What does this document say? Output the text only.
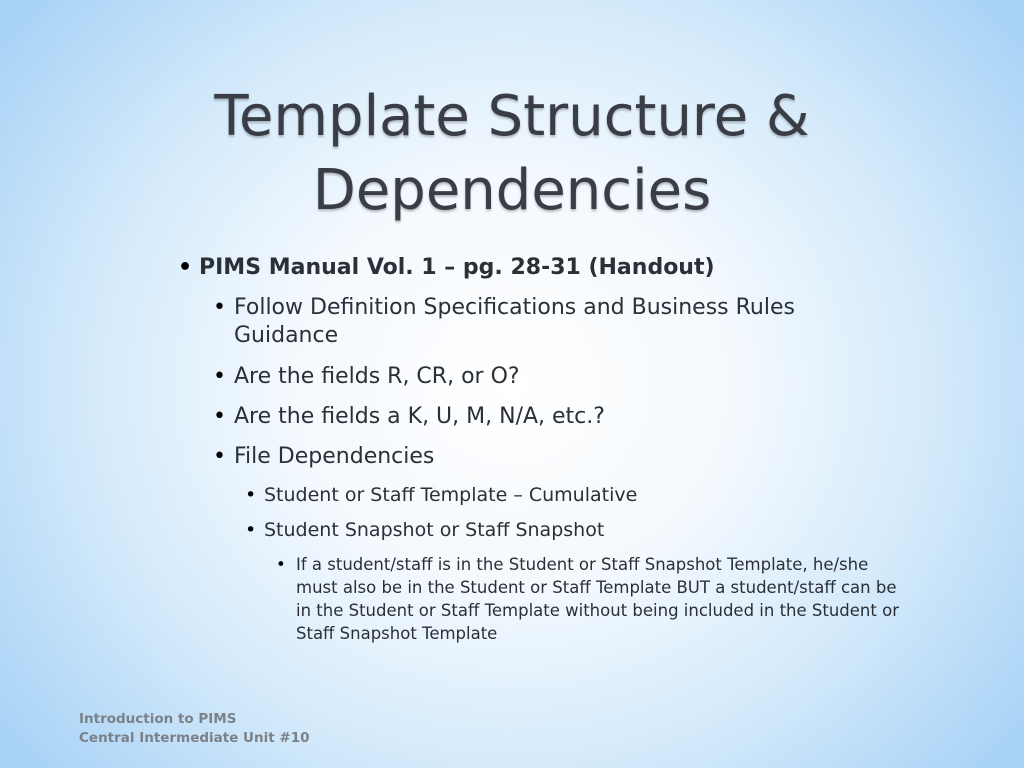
Template Structure &
Dependencies
• PIMS Manual Vol. 1 – pg. 28-31 (Handout)
• Follow Definition Specifications and Business Rules Guidance
• Are the fields R, CR, or O?
• Are the fields a K, U, M, N/A, etc.?
• File Dependencies
• Student or Staff Template – Cumulative
• Student Snapshot or Staff Snapshot
• If a student/staff is in the Student or Staff Snapshot Template, he/she must also be in the Student or Staff Template BUT a student/staff can be in the Student or Staff Template without being included in the Student or Staff Snapshot Template
Introduction to PIMS
Central Intermediate Unit #10
